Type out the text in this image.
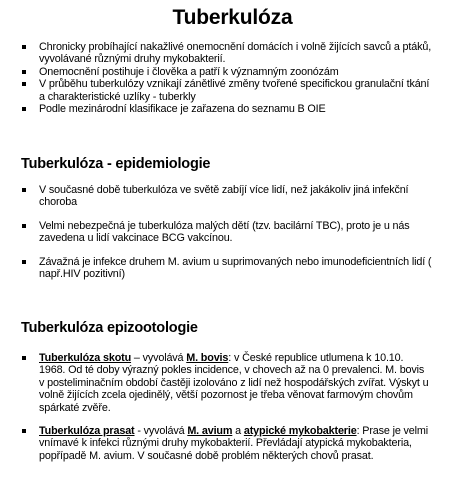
Tuberkulóza
Chronicky probíhající nakažlivé onemocnění domácích i volně žijících savců a ptáků, vyvolávané různými druhy mykobakterií.
Onemocnění postihuje i člověka a patří k významným zoonózám
V průběhu tuberkulózy vznikají zánětlivé změny tvořené specifickou granulační tkání a charakteristické uzlíky - tuberkly
Podle mezinárodní klasifikace je zařazena do seznamu B OIE
Tuberkulóza - epidemiologie
V současné době tuberkulóza ve světě zabíjí více lidí, než jakákoliv jiná infekční choroba
Velmi nebezpečná je tuberkulóza malých dětí (tzv. bacilární TBC), proto je u nás zavedena u lidí vakcinace BCG vakcínou.
Závažná je infekce druhem M. avium u suprimovaných nebo imunodeficientních lidí ( např.HIV pozitivní)
Tuberkulóza epizootologie
Tuberkulóza skotu – vyvolává M. bovis: v České republice utlumena k 10.10. 1968. Od té doby výrazný pokles incidence, v chovech až na 0 prevalenci. M. bovis v posteliminačním období častěji izolováno z lidí než hospodářských zvířat. Výskyt u volně žijících zcela ojedinělý, větší pozornost je třeba věnovat farmovým chovům spárkaté zvěře.
Tuberkulóza prasat - vyvolává M. avium a atypické mykobakterie: Prase je velmi vnímavé k infekci různými druhy mykobakterií. Převládají atypická mykobakteria, popřípadě M. avium. V současné době problém některých chovů prasat.
